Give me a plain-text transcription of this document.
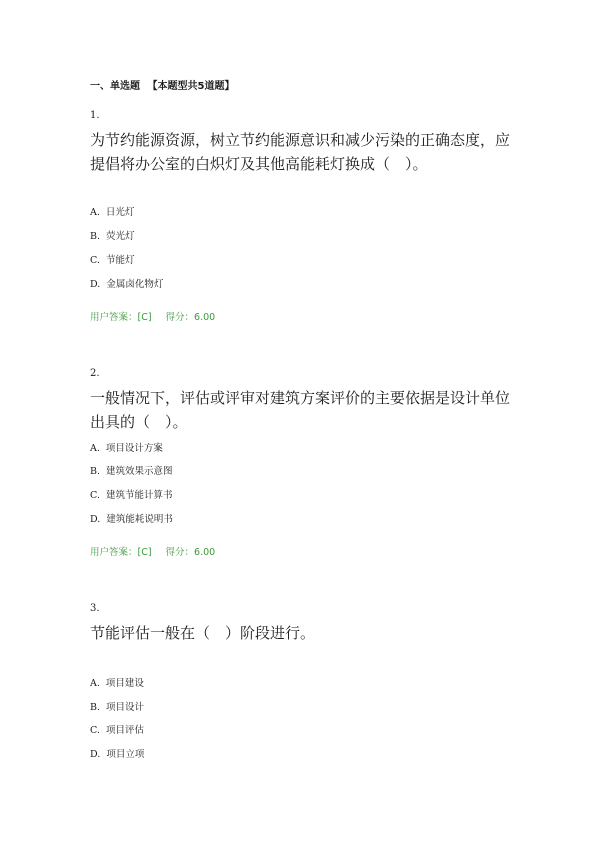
一、单选题 【本题型共5道题】
1.
为节约能源资源，树立节约能源意识和减少污染的正确态度，应提倡将办公室的白炽灯及其他高能耗灯换成（　）。
A. 日光灯
B. 荧光灯
C. 节能灯
D. 金属卤化物灯
用户答案：[C] 得分：6.00
2.
一般情况下，评估或评审对建筑方案评价的主要依据是设计单位出具的（　）。
A. 项目设计方案
B. 建筑效果示意图
C. 建筑节能计算书
D. 建筑能耗说明书
用户答案：[C] 得分：6.00
3.
节能评估一般在（　）阶段进行。
A. 项目建设
B. 项目设计
C. 项目评估
D. 项目立项
